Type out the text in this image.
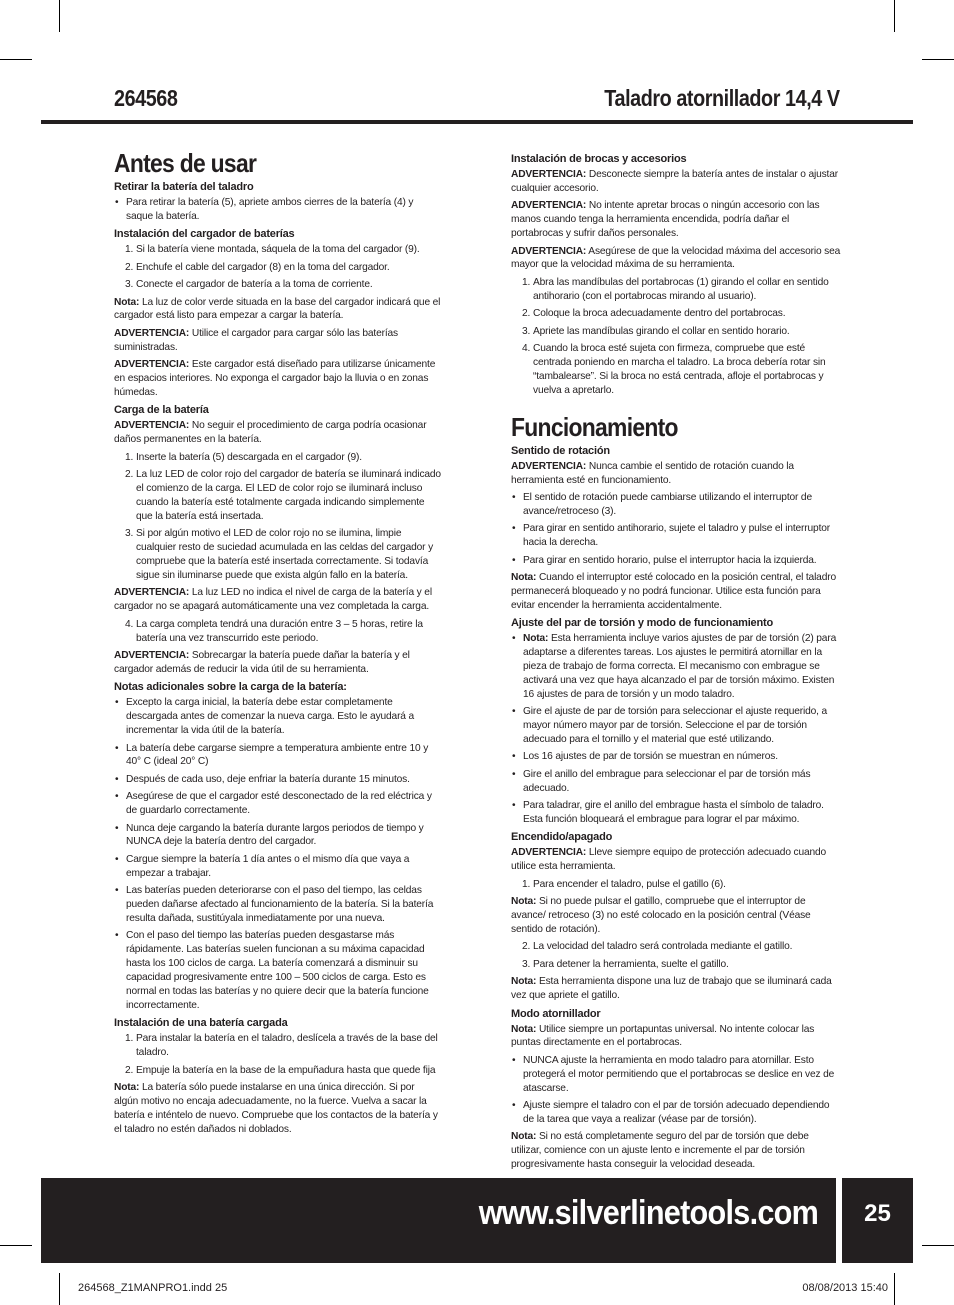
264568	Taladro atornillador 14,4 V
Antes de usar
Retirar la batería del taladro
• Para retirar la batería (5), apriete ambos cierres de la batería (4) y saque la batería.
Instalación del cargador de baterías
1. Si la batería viene montada, sáquela de la toma del cargador (9).
2. Enchufe el cable del cargador (8) en la toma del cargador.
3. Conecte el cargador de batería a la toma de corriente.
Nota: La luz de color verde situada en la base del cargador indicará que el cargador está listo para empezar a cargar la batería.
ADVERTENCIA: Utilice el cargador para cargar sólo las baterías suministradas.
ADVERTENCIA: Este cargador está diseñado para utilizarse únicamente en espacios interiores. No exponga el cargador bajo la lluvia o en zonas húmedas.
Carga de la batería
ADVERTENCIA: No seguir el procedimiento de carga podría ocasionar daños permanentes en la batería.
1. Inserte la batería (5) descargada en el cargador (9).
2. La luz LED de color rojo del cargador de batería se iluminará indicado el comienzo de la carga. El LED de color rojo se iluminará incluso cuando la batería esté totalmente cargada indicando simplemente que la batería está insertada.
3. Si por algún motivo el LED de color rojo no se ilumina, limpie cualquier resto de suciedad acumulada en las celdas del cargador y compruebe que la batería esté insertada correctamente. Si todavía sigue sin iluminarse puede que exista algún fallo en la batería.
ADVERTENCIA: La luz LED no indica el nivel de carga de la batería y el cargador no se apagará automáticamente una vez completada la carga.
4. La carga completa tendrá una duración entre 3 – 5 horas, retire la batería una vez transcurrido este periodo.
ADVERTENCIA: Sobrecargar la batería puede dañar la batería y el cargador además de reducir la vida útil de su herramienta.
Notas adicionales sobre la carga de la batería:
• Excepto la carga inicial, la batería debe estar completamente descargada antes de comenzar la nueva carga. Esto le ayudará a incrementar la vida útil de la batería.
• La batería debe cargarse siempre a temperatura ambiente entre 10 y 40° C (ideal 20° C)
• Después de cada uso, deje enfriar la batería durante 15 minutos.
• Asegúrese de que el cargador esté desconectado de la red eléctrica y de guardarlo correctamente.
• Nunca deje cargando la batería durante largos periodos de tiempo y NUNCA deje la batería dentro del cargador.
• Cargue siempre la batería 1 día antes o el mismo día que vaya a empezar a trabajar.
• Las baterías pueden deteriorarse con el paso del tiempo, las celdas pueden dañarse afectado al funcionamiento de la batería. Si la batería resulta dañada, sustitúyala inmediatamente por una nueva.
• Con el paso del tiempo las baterías pueden desgastarse más rápidamente. Las baterías suelen funcionan a su máxima capacidad hasta los 100 ciclos de carga. La batería comenzará a disminuir su capacidad progresivamente entre 100 – 500 ciclos de carga. Esto es normal en todas las baterías y no quiere decir que la batería funcione incorrectamente.
Instalación de una batería cargada
1. Para instalar la batería en el taladro, deslícela a través de la base del taladro.
2. Empuje la batería en la base de la empuñadura hasta que quede fija
Nota: La batería sólo puede instalarse en una única dirección. Si por algún motivo no encaja adecuadamente, no la fuerce. Vuelva a sacar la batería e inténtelo de nuevo. Compruebe que los contactos de la batería y el taladro no estén dañados ni doblados.
Instalación de brocas y accesorios
ADVERTENCIA: Desconecte siempre la batería antes de instalar o ajustar cualquier accesorio.
ADVERTENCIA: No intente apretar brocas o ningún accesorio con las manos cuando tenga la herramienta encendida, podría dañar el portabrocas y sufrir daños personales.
ADVERTENCIA: Asegúrese de que la velocidad máxima del accesorio sea mayor que la velocidad máxima de su herramienta.
1. Abra las mandíbulas del portabrocas (1) girando el collar en sentido antihorario (con el portabrocas mirando al usuario).
2. Coloque la broca adecuadamente dentro del portabrocas.
3. Apriete las mandíbulas girando el collar en sentido horario.
4. Cuando la broca esté sujeta con firmeza, compruebe que esté centrada poniendo en marcha el taladro. La broca debería rotar sin “tambalearse”. Si la broca no está centrada, afloje el portabrocas y vuelva a apretarlo.
Funcionamiento
Sentido de rotación
ADVERTENCIA: Nunca cambie el sentido de rotación cuando la herramienta esté en funcionamiento.
• El sentido de rotación puede cambiarse utilizando el interruptor de avance/retroceso (3).
• Para girar en sentido antihorario, sujete el taladro y pulse el interruptor hacia la derecha.
• Para girar en sentido horario, pulse el interruptor hacia la izquierda.
Nota: Cuando el interruptor esté colocado en la posición central, el taladro permanecerá bloqueado y no podrá funcionar. Utilice esta función para evitar encender la herramienta accidentalmente.
Ajuste del par de torsión y modo de funcionamiento
• Nota: Esta herramienta incluye varios ajustes de par de torsión (2) para adaptarse a diferentes tareas. Los ajustes le permitirá atornillar en la pieza de trabajo de forma correcta. El mecanismo con embrague se activará una vez que haya alcanzado el par de torsión máximo. Existen 16 ajustes de para de torsión y un modo taladro.
• Gire el ajuste de par de torsión para seleccionar el ajuste requerido, a mayor número mayor par de torsión. Seleccione el par de torsión adecuado para el tornillo y el material que esté utilizando.
• Los 16 ajustes de par de torsión se muestran en números.
• Gire el anillo del embrague para seleccionar el par de torsión más adecuado.
• Para taladrar, gire el anillo del embrague hasta el símbolo de taladro. Esta función bloqueará el embrague para lograr el par máximo.
Encendido/apagado
ADVERTENCIA: Lleve siempre equipo de protección adecuado cuando utilice esta herramienta.
1. Para encender el taladro, pulse el gatillo (6).
Nota: Si no puede pulsar el gatillo, compruebe que el interruptor de avance/ retroceso (3) no esté colocado en la posición central (Véase sentido de rotación).
2. La velocidad del taladro será controlada mediante el gatillo.
3. Para detener la herramienta, suelte el gatillo.
Nota: Esta herramienta dispone una luz de trabajo que se iluminará cada vez que apriete el gatillo.
Modo atornillador
Nota: Utilice siempre un portapuntas universal. No intente colocar las puntas directamente en el portabrocas.
• NUNCA ajuste la herramienta en modo taladro para atornillar. Esto protegerá el motor permitiendo que el portabrocas se deslice en vez de atascarse.
• Ajuste siempre el taladro con el par de torsión adecuado dependiendo de la tarea que vaya a realizar (véase par de torsión).
Nota: Si no está completamente seguro del par de torsión que debe utilizar, comience con un ajuste lento e incremente el par de torsión progresivamente hasta conseguir la velocidad deseada.
www.silverlinetools.com	25
264568_Z1MANPRO1.indd 25	08/08/2013 15:40
